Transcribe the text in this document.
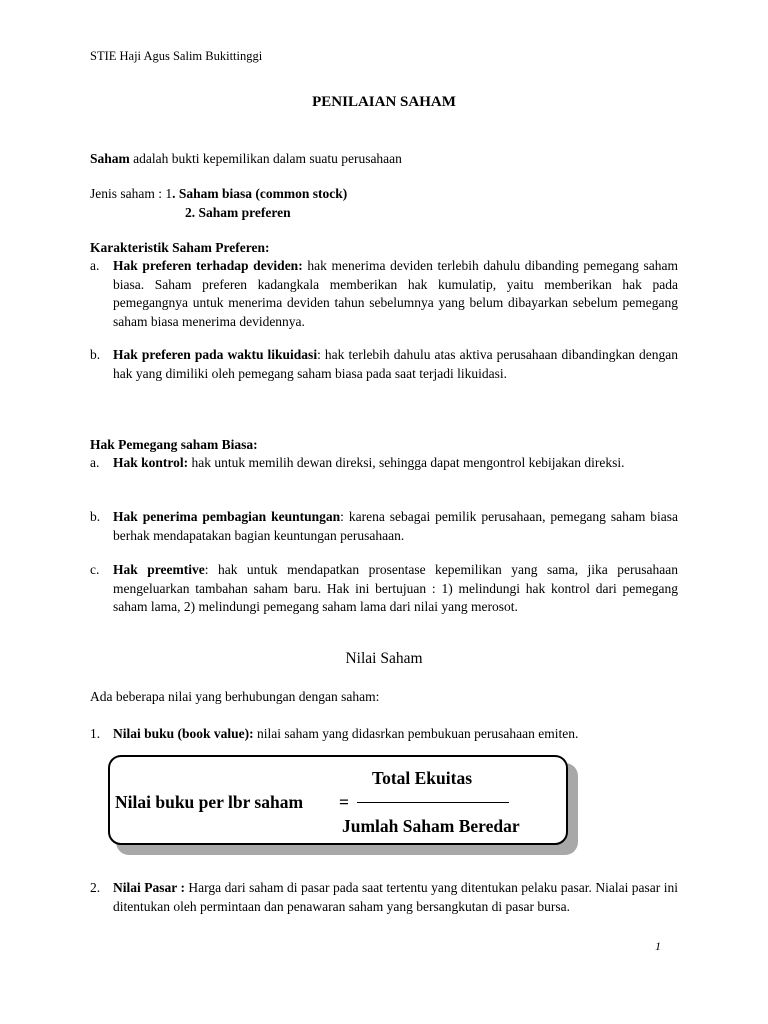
STIE Haji Agus Salim Bukittinggi
PENILAIAN SAHAM
Saham adalah bukti kepemilikan dalam suatu perusahaan
Jenis saham : 1. Saham biasa (common stock)
2. Saham preferen
Karakteristik Saham Preferen:
a. Hak preferen terhadap deviden: hak menerima deviden terlebih dahulu dibanding pemegang saham biasa. Saham preferen kadangkala memberikan hak kumulatip, yaitu memberikan hak pada pemegangnya untuk menerima deviden tahun sebelumnya yang belum dibayarkan sebelum pemegang saham biasa menerima devidennya.
b. Hak preferen pada waktu likuidasi: hak terlebih dahulu atas aktiva perusahaan dibandingkan dengan hak yang dimiliki oleh pemegang saham biasa pada saat terjadi likuidasi.
Hak Pemegang saham Biasa:
a. Hak kontrol: hak untuk memilih dewan direksi, sehingga dapat mengontrol kebijakan direksi.
b. Hak penerima pembagian keuntungan: karena sebagai pemilik perusahaan, pemegang saham biasa berhak mendapatakan bagian keuntungan perusahaan.
c. Hak preemtive: hak untuk mendapatkan prosentase kepemilikan yang sama, jika perusahaan mengeluarkan tambahan saham baru. Hak ini bertujuan : 1) melindungi hak kontrol dari pemegang saham lama, 2) melindungi pemegang saham lama dari nilai yang merosot.
Nilai Saham
Ada beberapa nilai yang berhubungan dengan saham:
1. Nilai buku (book value): nilai saham yang didasrkan pembukuan perusahaan emiten.
Total Ekuitas
Nilai buku per lbr saham =
Jumlah Saham Beredar
2. Nilai Pasar : Harga dari saham di pasar pada saat tertentu yang ditentukan pelaku pasar. Nialai pasar ini ditentukan oleh permintaan dan penawaran saham yang bersangkutan di pasar bursa.
1
